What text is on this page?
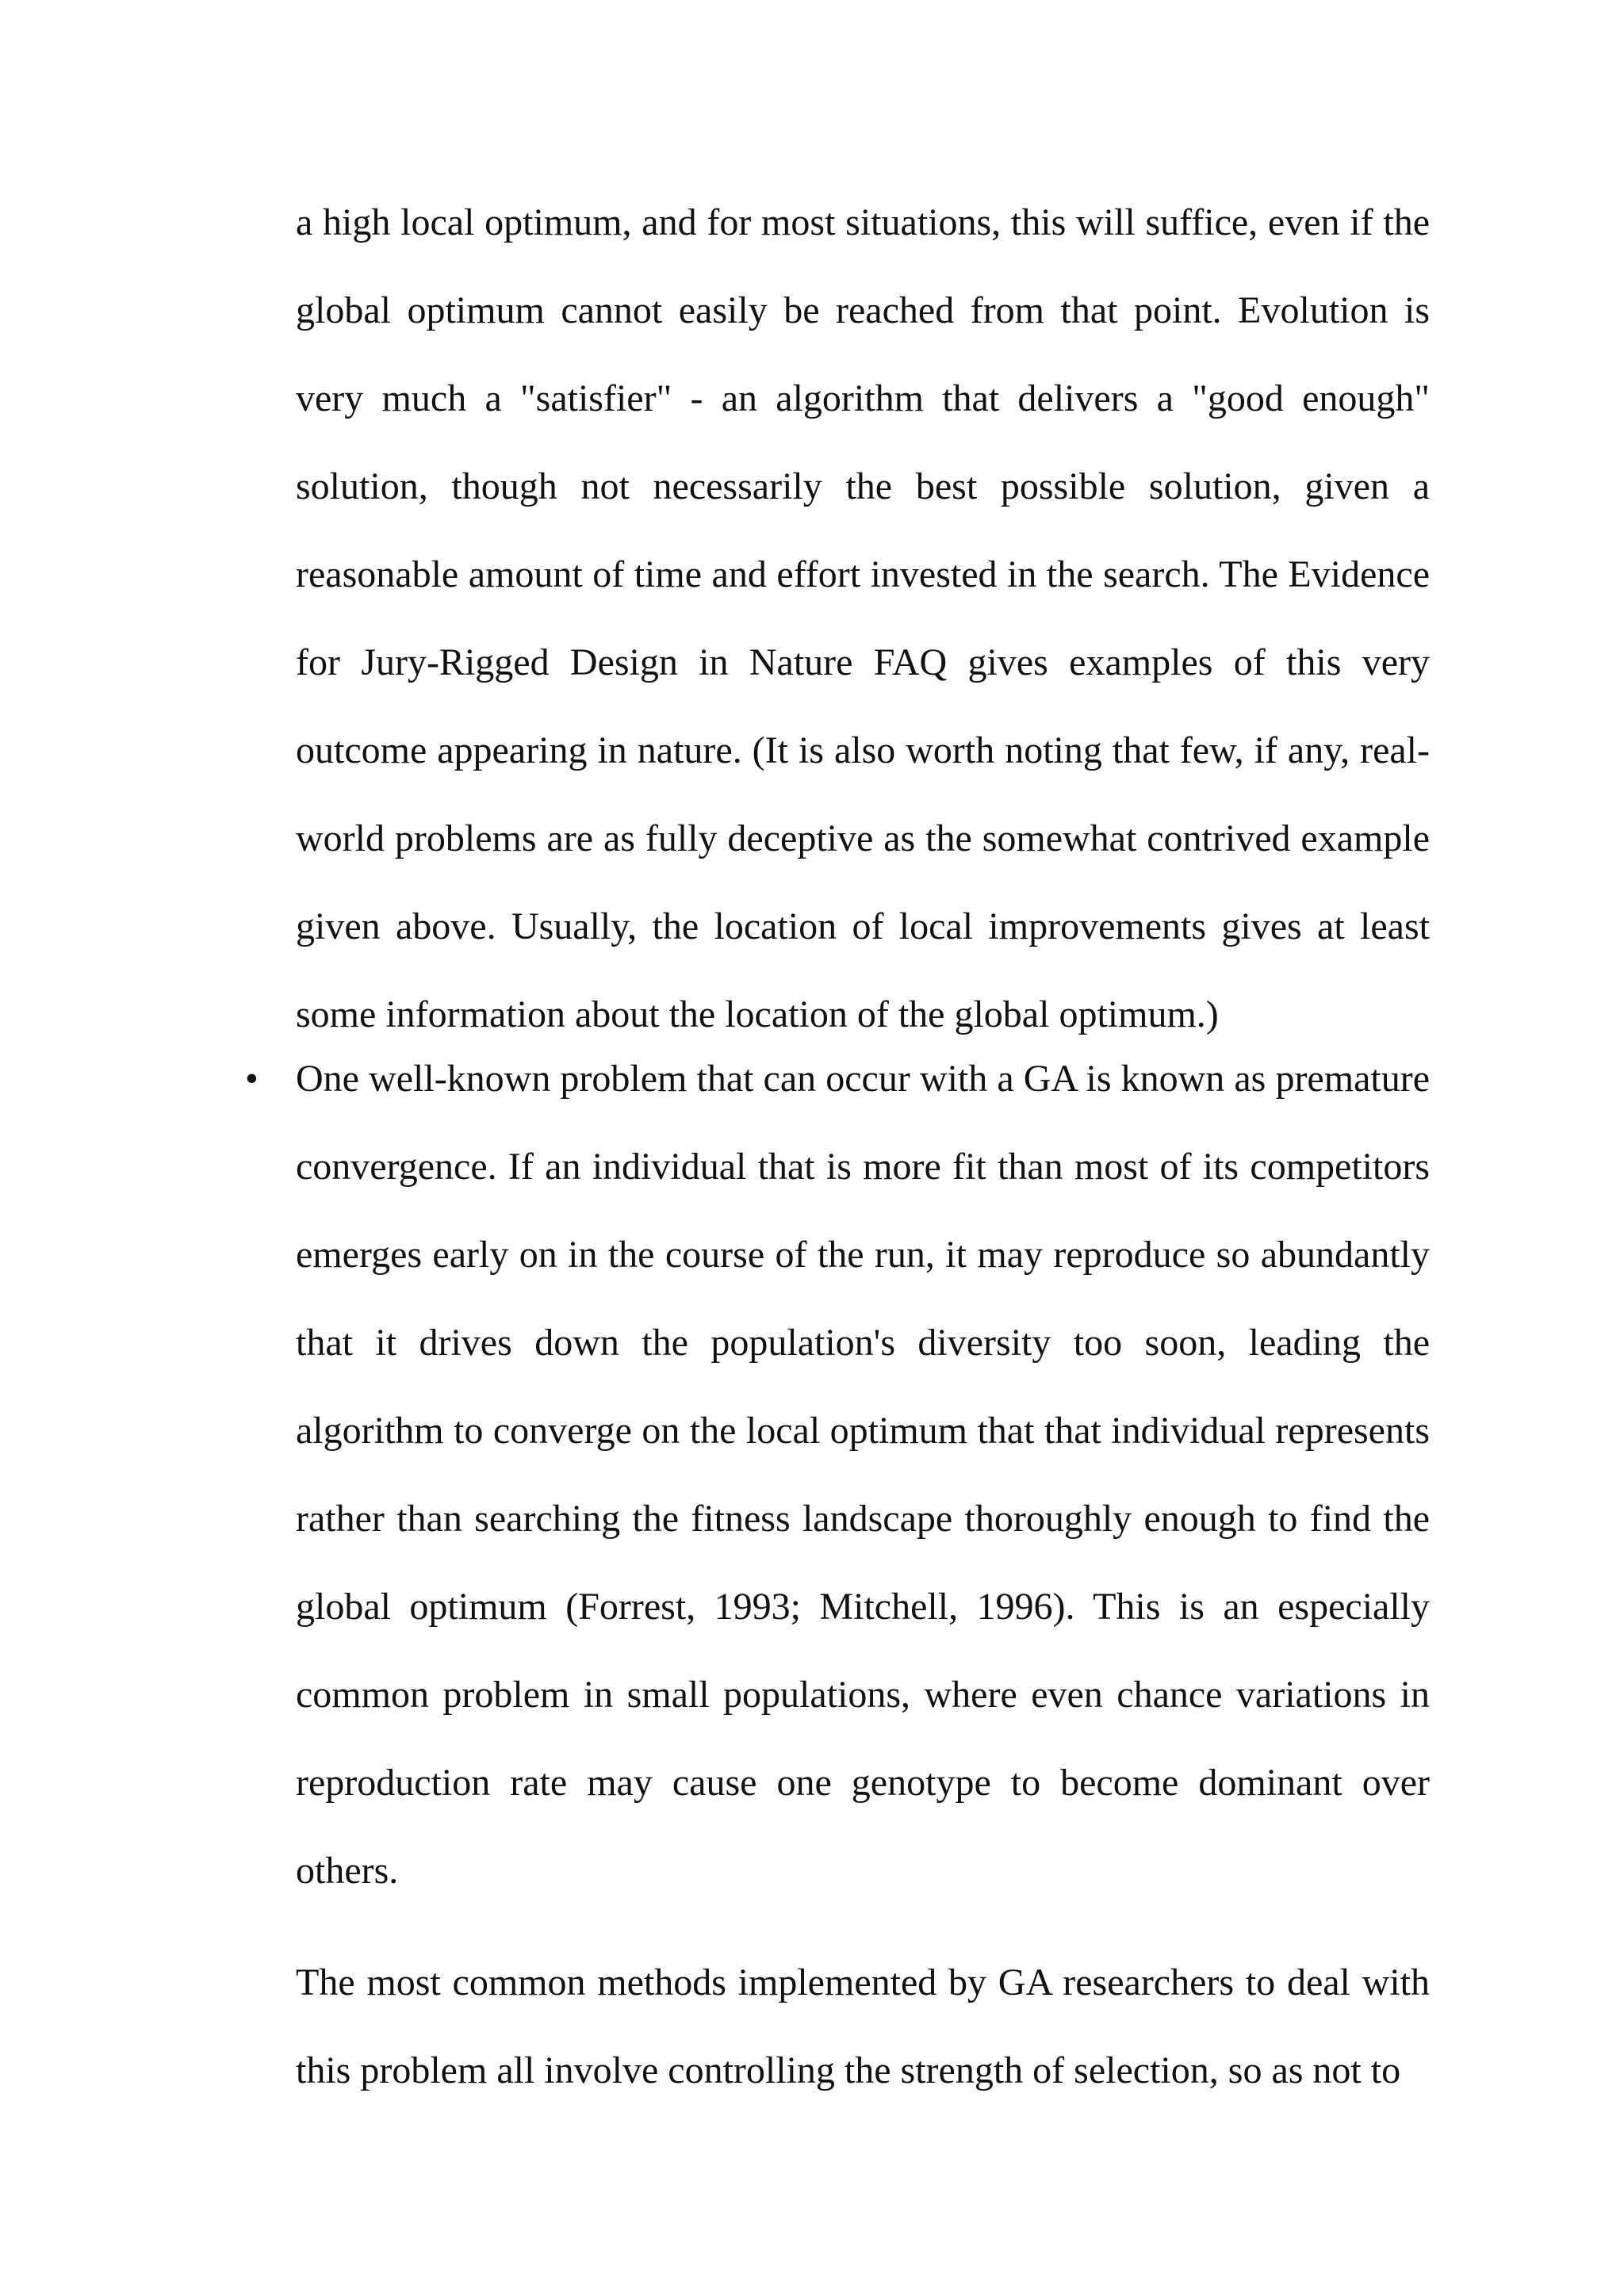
a high local optimum, and for most situations, this will suffice, even if the global optimum cannot easily be reached from that point. Evolution is very much a "satisfier" - an algorithm that delivers a "good enough" solution, though not necessarily the best possible solution, given a reasonable amount of time and effort invested in the search. The Evidence for Jury-Rigged Design in Nature FAQ gives examples of this very outcome appearing in nature. (It is also worth noting that few, if any, real-world problems are as fully deceptive as the somewhat contrived example given above. Usually, the location of local improvements gives at least some information about the location of the global optimum.)

• One well-known problem that can occur with a GA is known as premature convergence. If an individual that is more fit than most of its competitors emerges early on in the course of the run, it may reproduce so abundantly that it drives down the population's diversity too soon, leading the algorithm to converge on the local optimum that that individual represents rather than searching the fitness landscape thoroughly enough to find the global optimum (Forrest, 1993; Mitchell, 1996). This is an especially common problem in small populations, where even chance variations in reproduction rate may cause one genotype to become dominant over others.

The most common methods implemented by GA researchers to deal with this problem all involve controlling the strength of selection, so as not to
